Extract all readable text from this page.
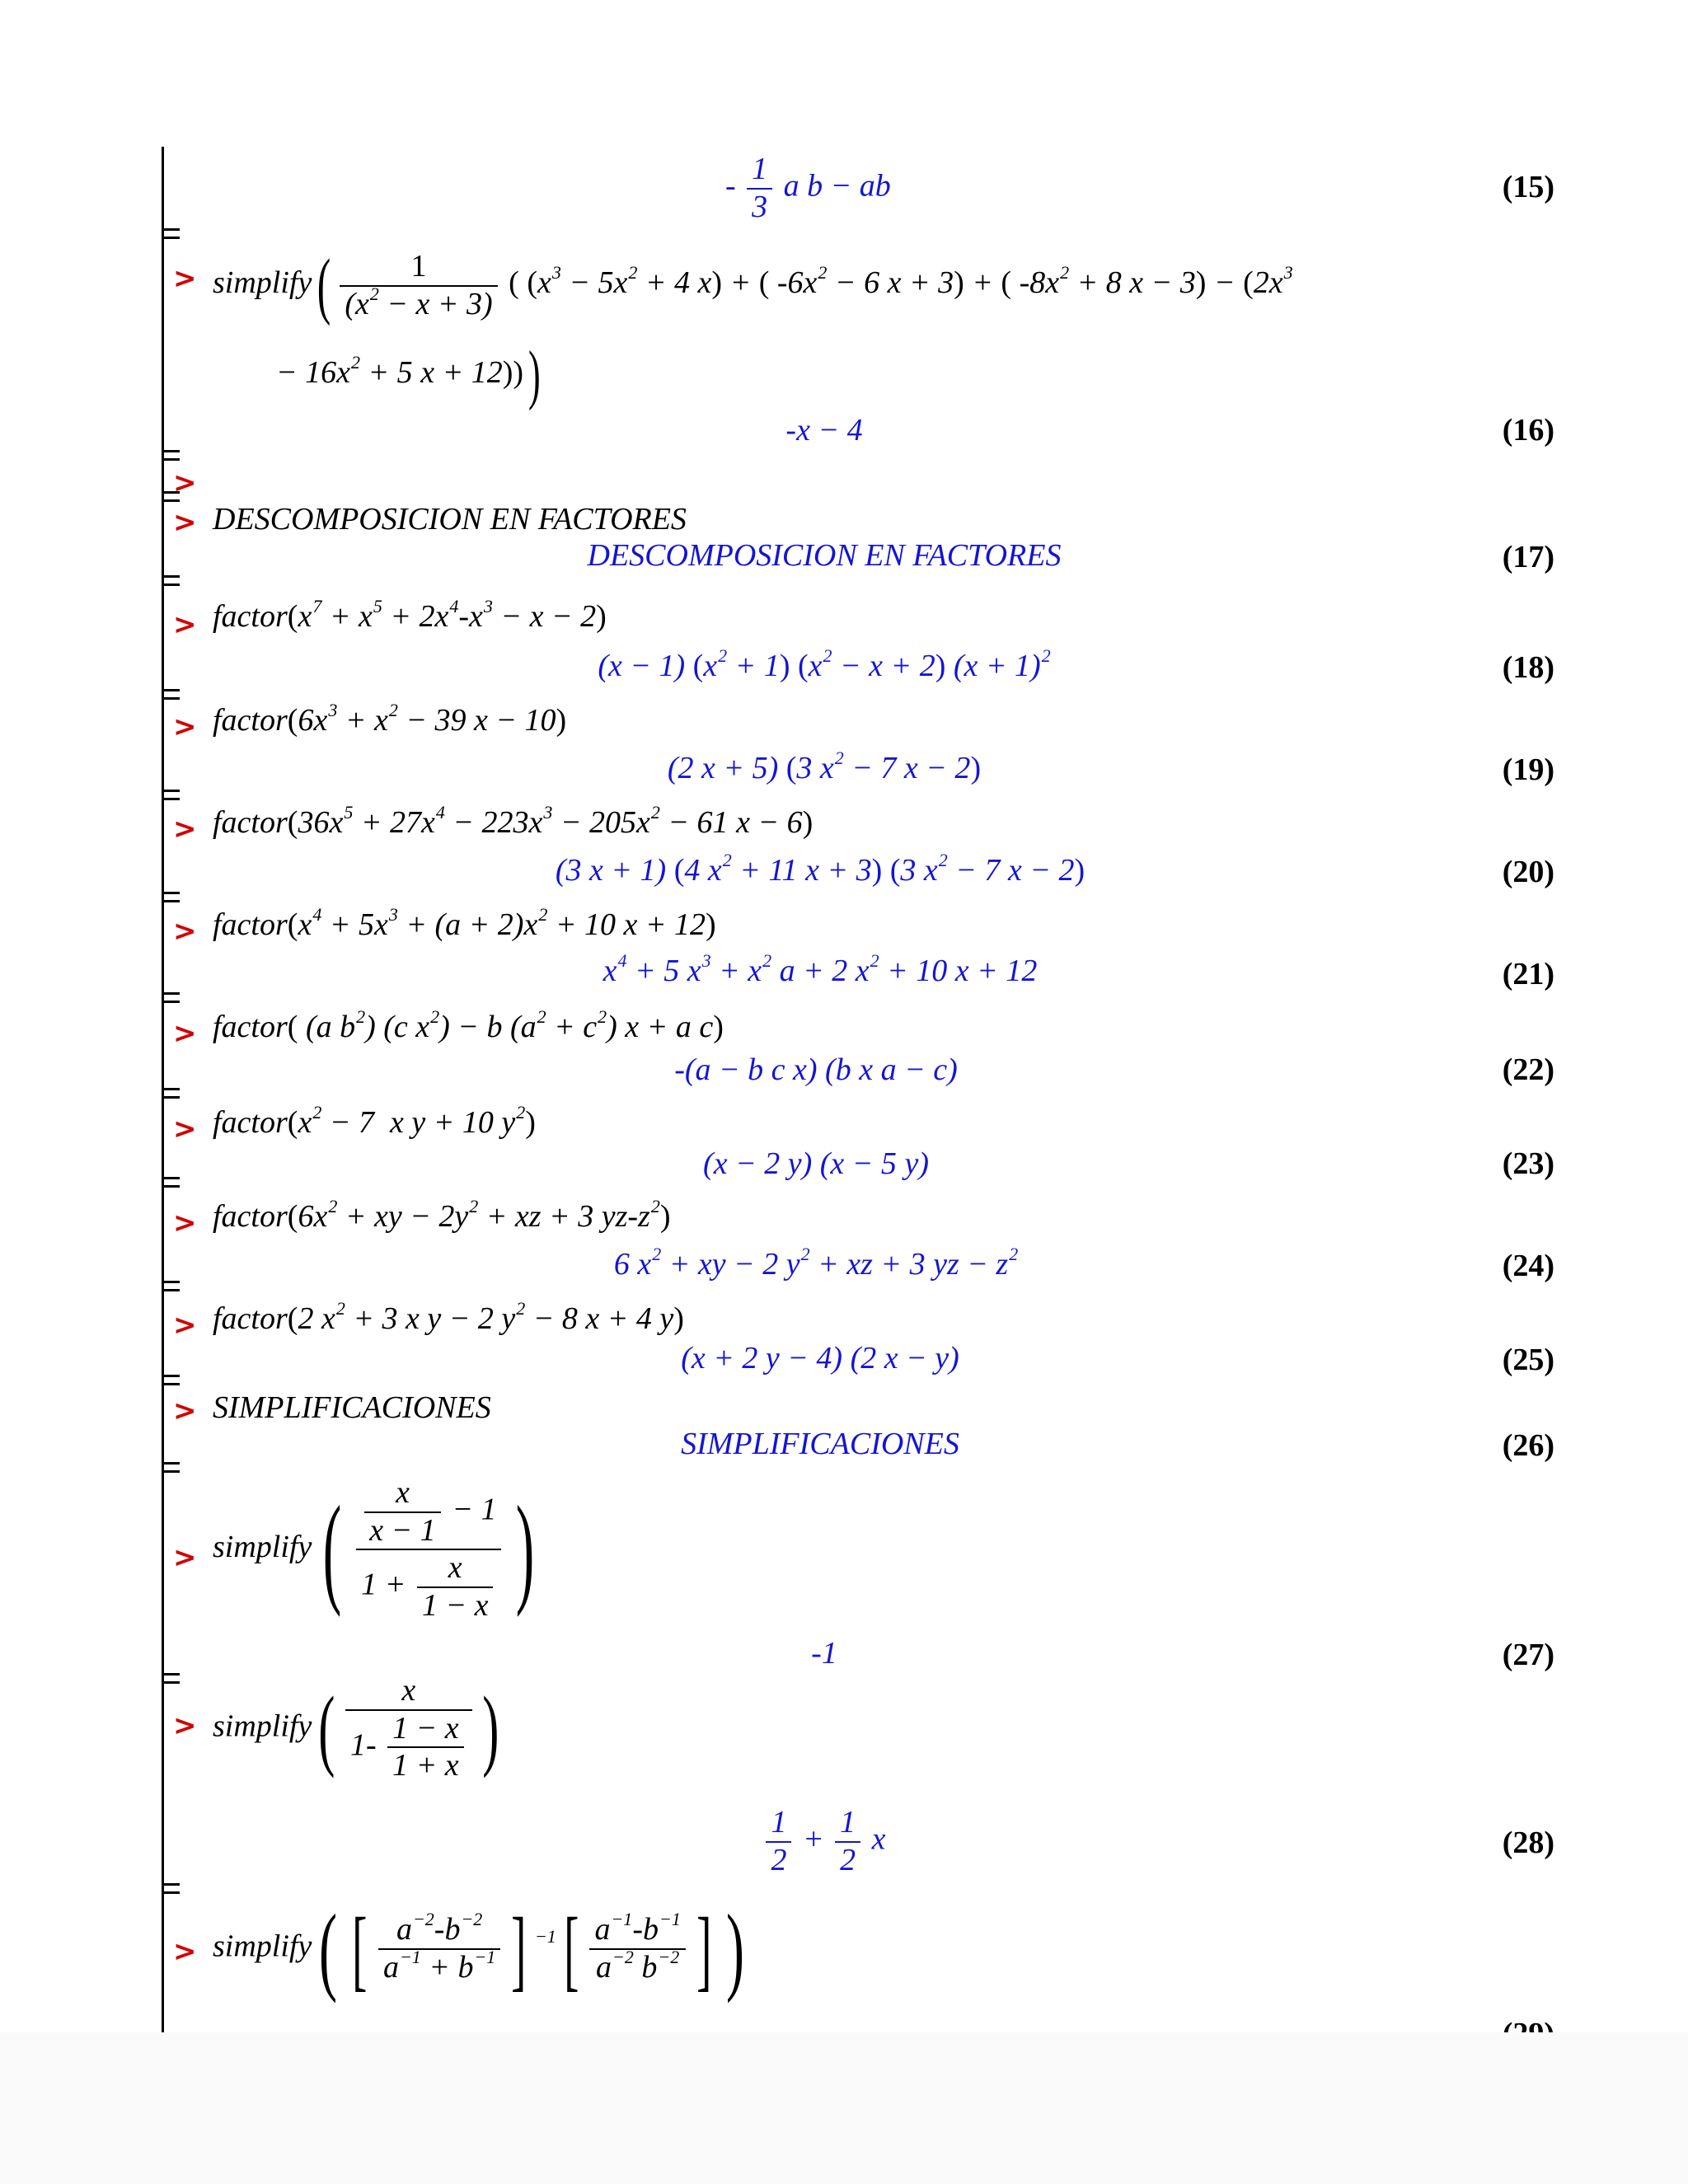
- $\frac{1}{3}$ a b − ab	(15)
> simplify( $\frac{1}{(x^2 - x + 3)}$ ( ($x^3 - 5x^2 + 4$ x) + ( $-6x^2 - 6$ x + 3) + ( $-8x^2 + 8$ $x - 3) - (2x^3$
− $16x^2 + 5$ x + 12)))
-x − 4	(16)
>
> DESCOMPOSICION EN FACTORES
DESCOMPOSICION EN FACTORES	(17)
> $factor(x^7 + x^5 + 2x^4-x^3 - x - 2)$
(x − 1) $(x^2 + 1) (x^2 - x + 2) (x + 1)^2$	(18)
> $factor(6x^3 + x^2 - 39$ x − 10)
(2 x + 5) (3 $x^2 - 7$ x − 2)	(19)
> $factor(36x^5 + 27x^4 - 223x^3 - 205x^2 - 61$ x − 6)
(3 x + 1) (4 $x^2 + 11$ x + 3) (3 $x^2 - 7$ x − 2)	(20)
> $factor(x^4 + 5x^3 + (a + 2)x^2 + 10$ x + 12)
$x^4 + 5$ $x^3 + x^2$ a + 2 $x^2 + 10$ x + 12	(21)
> factor( (a $b^2$) (c $x^2) - b$ $(a^2 + c^2) x + a$ c)
-(a − b c x) (b x a − c)	(22)
> $factor(x^2 - 7$  x y + 10 $y^2$)
(x − 2 y) (x − 5 y)	(23)
> $factor(6x^2$ + xy − $2y^2$ + xz + 3 $yz-z^2$)
6 $x^2$ + xy − 2 $y^2$ + xz + 3 yz − $z^2$	(24)
> factor(2 $x^2 + 3$ x y − 2 $y^2 - 8$ x + 4 y)
(x + 2 y − 4) (2 x − y)	(25)
> SIMPLIFICACIONES
SIMPLIFICACIONES	(26)
> simplify( $\frac{\frac{x}{x - 1} - 1}{1 + \frac{x}{1 - x}}$ )
-1	(27)
> simplify( $\frac{x}{1- \frac{1 - x}{1 + x}}$ )
$\frac{1}{2} + \frac{1}{2}$ x	(28)
> simplify( [ $\frac{a^{-2}-b^{-2}}{a^{-1} + b^{-1}}$ ] $^{-1}[ \frac{a^{-1}-b^{-1}}{a^{-2} b^{-2}}$ ] )
